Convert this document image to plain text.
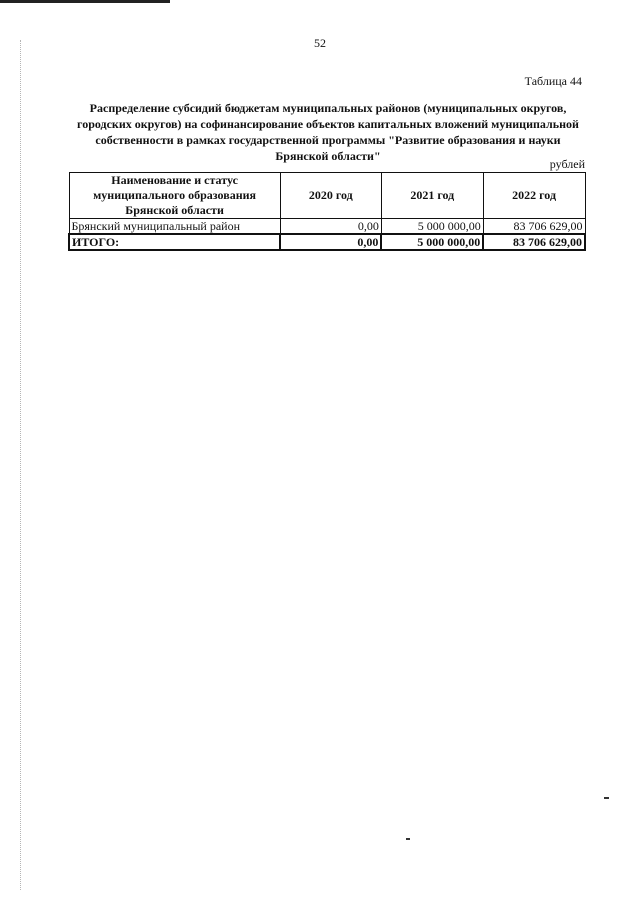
52
Таблица 44
Распределение субсидий бюджетам муниципальных районов (муниципальных округов, городских округов) на софинансирование объектов капитальных вложений муниципальной собственности в рамках государственной программы "Развитие образования и науки Брянской области"
рублей
Наименование и статус муниципального образования Брянской области	2020 год	2021 год	2022 год
Брянский муниципальный район	0,00	5 000 000,00	83 706 629,00
ИТОГО:	0,00	5 000 000,00	83 706 629,00
